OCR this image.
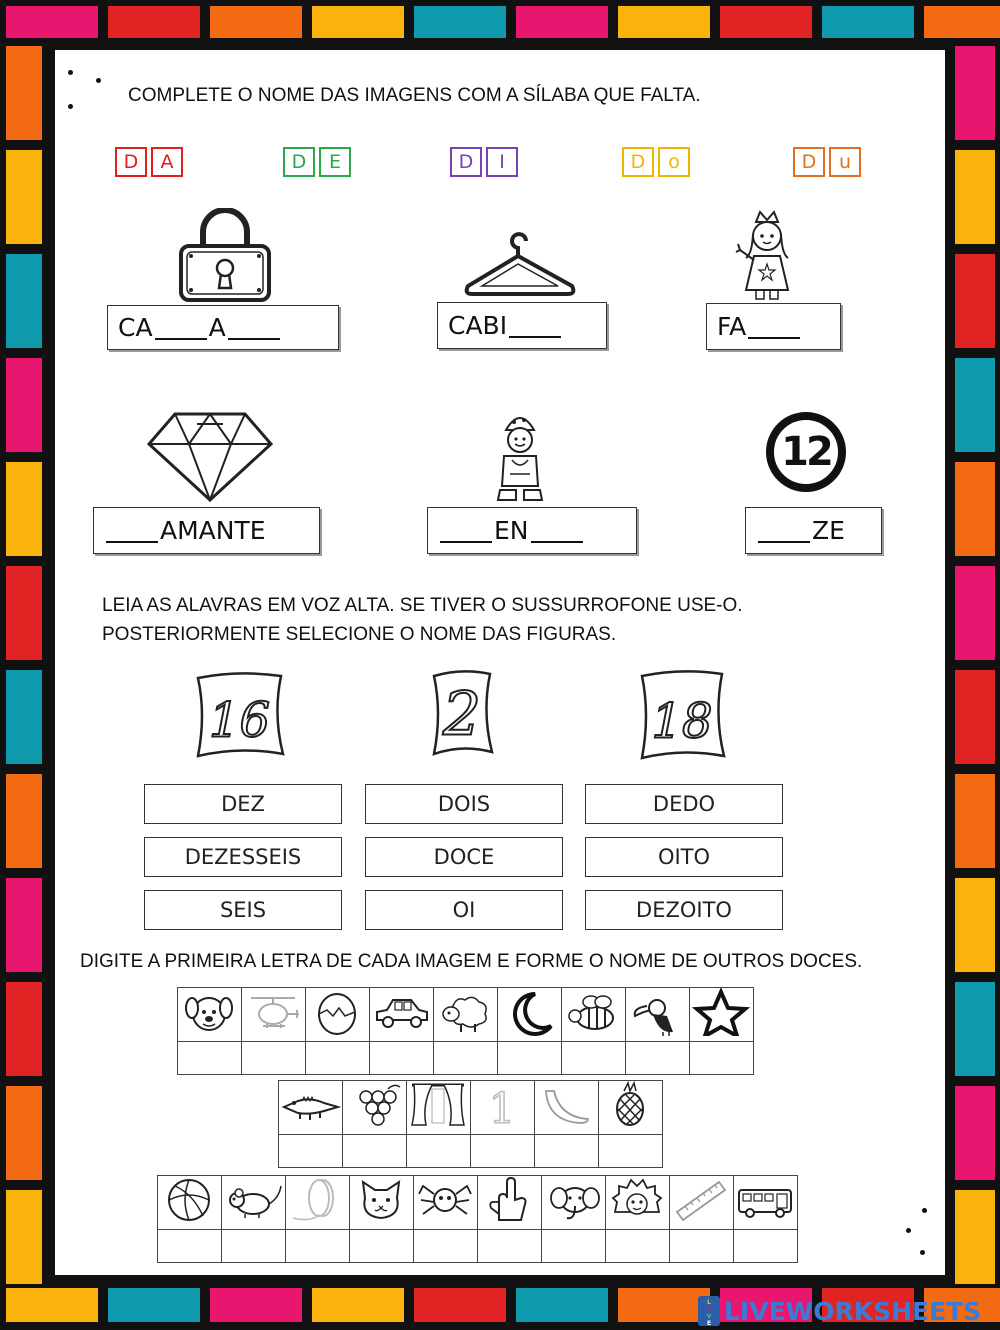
COMPLETE O NOME DAS IMAGENS COM A SÍLABA QUE FALTA.
D	A	D	E	D	I	D	o	D	u
CA A	CABI	FA
AMANTE	EN
12
ZE
LEIA AS ALAVRAS EM VOZ ALTA. SE TIVER O SUSSURROFONE USE-O.
POSTERIORMENTE SELECIONE O NOME DAS FIGURAS.
16	2	18
DEZ
DEZESSEIS
SEIS
DOIS
DOCE
OI
DEDO
OITO
DEZOITO
DIGITE A PRIMEIRA LETRA DE CADA IMAGEM E FORME O NOME DE OUTROS DOCES.

1

L
I
V
E LIVEWORKSHEETS
